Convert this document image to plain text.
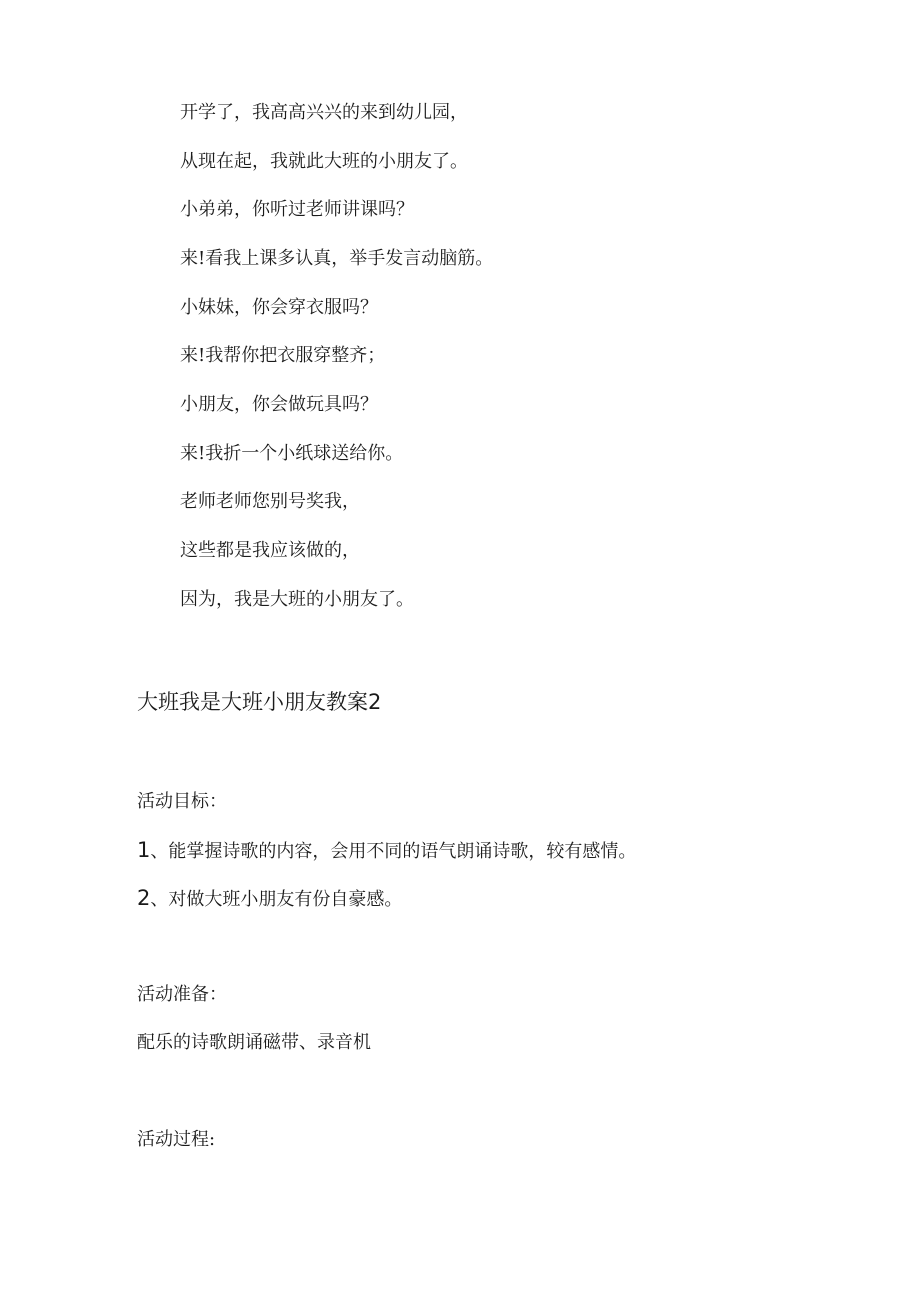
开学了，我高高兴兴的来到幼儿园，
从现在起，我就此大班的小朋友了。
小弟弟，你听过老师讲课吗？
来!看我上课多认真，举手发言动脑筋。
小妹妹，你会穿衣服吗？
来!我帮你把衣服穿整齐；
小朋友，你会做玩具吗？
来!我折一个小纸球送给你。
老师老师您别号奖我，
这些都是我应该做的，
因为，我是大班的小朋友了。
大班我是大班小朋友教案2
活动目标：
1、能掌握诗歌的内容，会用不同的语气朗诵诗歌，较有感情。
2、对做大班小朋友有份自豪感。
活动准备：
配乐的诗歌朗诵磁带、录音机
活动过程:
